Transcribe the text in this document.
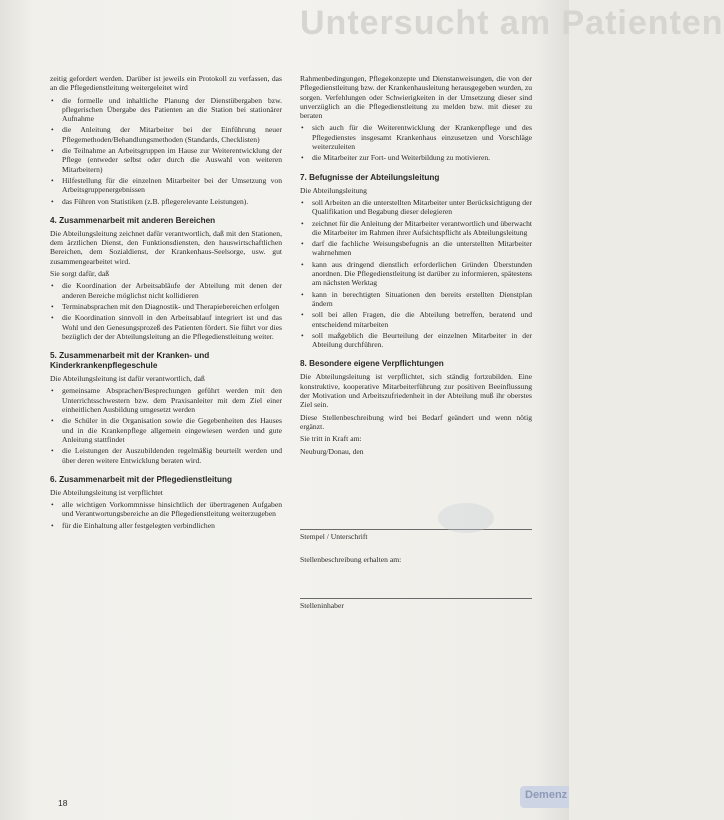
Untersucht am Patienten

zeitig gefordert werden. Darüber ist jeweils ein Protokoll zu verfassen, das an die Pflegedienstleitung weitergeleitet wird

• die formelle und inhaltliche Planung der Dienstübergaben bzw. pflegerischen Übergabe des Patienten an die Station bei stationärer Aufnahme
• die Anleitung der Mitarbeiter bei der Einführung neuer Pflegemethoden/Behandlungsmethoden (Standards, Checklisten)
• die Teilnahme an Arbeitsgruppen im Hause zur Weiterentwicklung der Pflege (entweder selbst oder durch die Auswahl von weiteren Mitarbeitern)
• Hilfestellung für die einzelnen Mitarbeiter bei der Umsetzung von Arbeitsgruppenergebnissen
• das Führen von Statistiken (z.B. pflegerelevante Leistungen).
4. Zusammenarbeit mit anderen Bereichen

Die Abteilungsleitung zeichnet dafür verantwortlich, daß mit den Stationen, dem ärztlichen Dienst, den Funktionsdiensten, den hauswirtschaftlichen Bereichen, dem Sozialdienst, der Krankenhaus-Seelsorge, usw. gut zusammengearbeitet wird.

Sie sorgt dafür, daß

• die Koordination der Arbeitsabläufe der Abteilung mit denen der anderen Bereiche möglichst nicht kollidieren
• Terminabsprachen mit den Diagnostik- und Therapiebereichen erfolgen
• die Koordination sinnvoll in den Arbeitsablauf integriert ist und das Wohl und den Genesungsprozeß des Patienten fördert. Sie führt vor dies bezüglich der der Abteilungsleitung an die Pflegedienstleitung weiter.
5. Zusammenarbeit mit der Kranken- und Kinderkrankenpflegeschule

Die Abteilungsleitung ist dafür verantwortlich, daß

• gemeinsame Absprachen/Besprechungen geführt werden mit den Unterrichtsschwestern bzw. dem Praxisanleiter mit dem Ziel einer einheitlichen Ausbildung umgesetzt werden
• die Schüler in die Organisation sowie die Gegebenheiten des Hauses und in die Krankenpflege allgemein eingewiesen werden und gute Anleitung stattfindet
• die Leistungen der Auszubildenden regelmäßig beurteilt werden und über deren weitere Entwicklung beraten wird.
6. Zusammenarbeit mit der Pflegedienstleitung

Die Abteilungsleitung ist verpflichtet

• alle wichtigen Vorkommnisse hinsichtlich der übertragenen Aufgaben und Verantwortungsbereiche an die Pflegedienstleitung weiterzugeben
• für die Einhaltung aller festgelegten verbindlichen

Rahmenbedingungen, Pflegekonzepte und Dienstanweisungen, die von der Pflegedienstleitung bzw. der Krankenhausleitung herausgegeben wurden, zu sorgen. Verfehlungen oder Schwierigkeiten in der Umsetzung dieser sind unverzüglich an die Pflegedienstleitung zu melden bzw. mit dieser zu beraten

• sich auch für die Weiterentwicklung der Krankenpflege und des Pflegedienstes insgesamt Krankenhaus einzusetzen und Vorschläge weiterzuleiten
• die Mitarbeiter zur Fort- und Weiterbildung zu motivieren.
7. Befugnisse der Abteilungsleitung

Die Abteilungsleitung

• soll Arbeiten an die unterstellten Mitarbeiter unter Berücksichtigung der Qualifikation und Begabung dieser delegieren
• zeichnet für die Anleitung der Mitarbeiter verantwortlich und überwacht die Mitarbeiter im Rahmen ihrer Aufsichtspflicht als Abteilungsleitung
• darf die fachliche Weisungsbefugnis an die unterstellten Mitarbeiter wahrnehmen
• kann aus dringend dienstlich erforderlichen Gründen Überstunden anordnen. Die Pflegedienstleitung ist darüber zu informieren, spätestens am nächsten Werktag
• kann in berechtigten Situationen den bereits erstellten Dienstplan ändern
• soll bei allen Fragen, die die Abteilung betreffen, beratend und entscheidend mitarbeiten
• soll maßgeblich die Beurteilung der einzelnen Mitarbeiter in der Abteilung durchführen.
8. Besondere eigene Verpflichtungen

Die Abteilungsleitung ist verpflichtet, sich ständig fortzubilden. Eine konstruktive, kooperative Mitarbeiterführung zur positiven Beeinflussung der Motivation und Arbeitszufriedenheit in der Abteilung muß ihr oberstes Ziel sein.

Diese Stellenbeschreibung wird bei Bedarf geändert und wenn nötig ergänzt.

Sie tritt in Kraft am:

Neuburg/Donau, den

Stempel / Unterschrift
Stellenbeschreibung erhalten am:
Stelleninhaber
18
Demenz
